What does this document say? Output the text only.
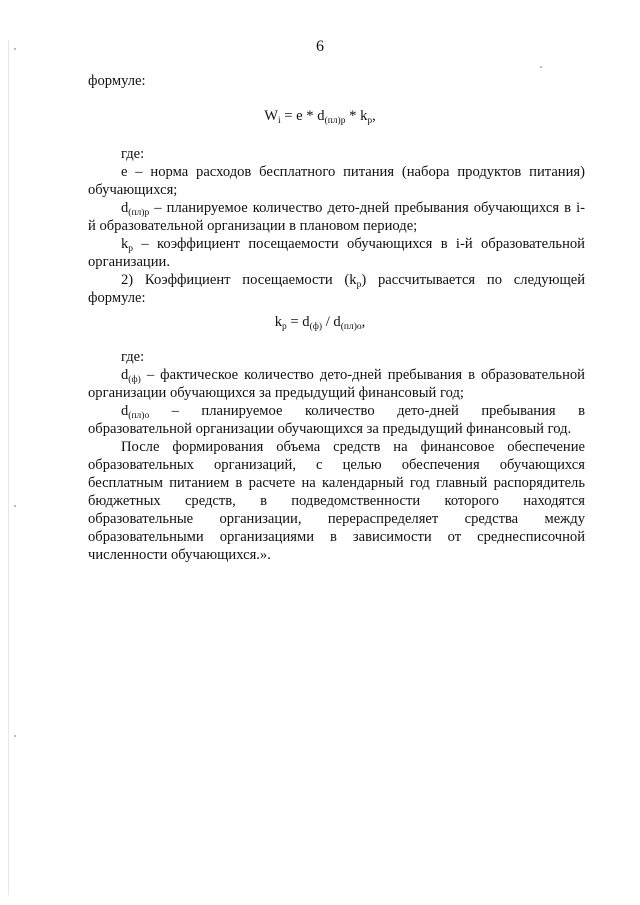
6
формуле:
$W_i = е * d_{(пл)р} * k_p$,
где:
е – норма расходов бесплатного питания (набора продуктов питания)
обучающихся;
$d_{(пл)р}$ – планируемое количество дето-дней пребывания обучающихся в i-
й образовательной организации в плановом периоде;
$k_р$ – коэффициент посещаемости обучающихся в i-й образовательной
организации.
2) Коэффициент посещаемости $(k_р)$ рассчитывается по следующей
формуле:
$k_р = d_{(ф)} / d_{(пл)о}$,
где:
$d_{(ф)}$ – фактическое количество дето-дней пребывания в образовательной
организации обучающихся за предыдущий финансовый год;
$d_{(пл)о}$ – планируемое количество дето-дней пребывания в
образовательной организации обучающихся за предыдущий финансовый год.
После формирования объема средств на финансовое обеспечение
образовательных организаций, с целью обеспечения обучающихся
бесплатным питанием в расчете на календарный год главный распорядитель
бюджетных средств, в подведомственности которого находятся
образовательные организации, перераспределяет средства между
образовательными организациями в зависимости от среднесписочной
численности обучающихся.».
